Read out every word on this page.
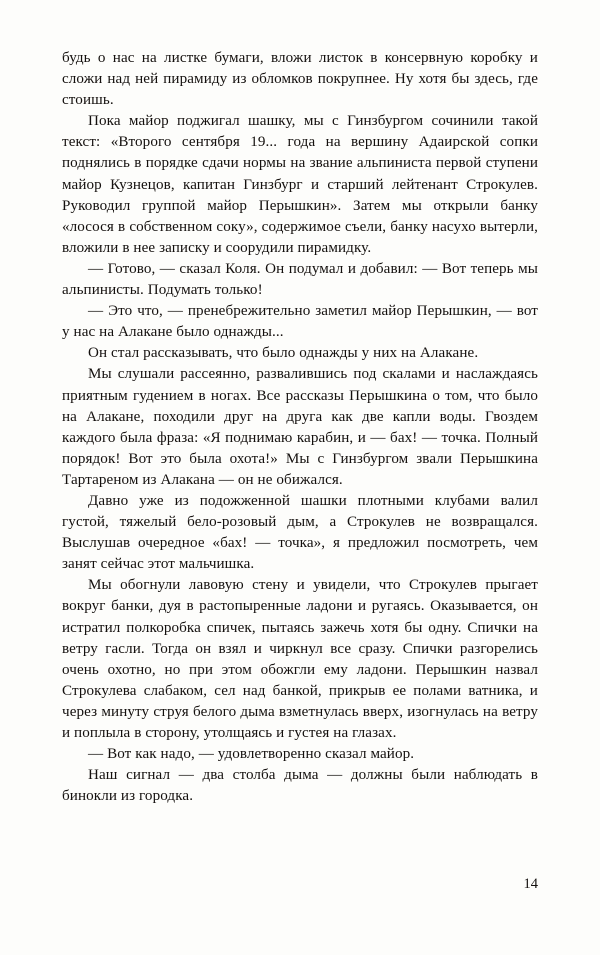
будь о нас на листке бумаги, вложи листок в консервную коробку и сложи над ней пирамиду из обломков покрупнее. Ну хотя бы здесь, где стоишь.

Пока майор поджигал шашку, мы с Гинзбургом сочинили такой текст: «Второго сентября 19... года на вершину Адаирской сопки поднялись в порядке сдачи нормы на звание альпиниста первой ступени майор Кузнецов, капитан Гинзбург и старший лейтенант Строкулев. Руководил группой майор Перышкин». Затем мы открыли банку «лосося в собственном соку», содержимое съели, банку насухо вытерли, вложили в нее записку и соорудили пирамидку.

— Готово, — сказал Коля. Он подумал и добавил: — Вот теперь мы альпинисты. Подумать только!

— Это что, — пренебрежительно заметил майор Перышкин, — вот у нас на Алакане было однажды...

Он стал рассказывать, что было однажды у них на Алакане.

Мы слушали рассеянно, развалившись под скалами и наслаждаясь приятным гудением в ногах. Все рассказы Перышкина о том, что было на Алакане, походили друг на друга как две капли воды. Гвоздем каждого была фраза: «Я поднимаю карабин, и — бах! — точка. Полный порядок! Вот это была охота!» Мы с Гинзбургом звали Перышкина Тартареном из Алакана — он не обижался.

Давно уже из подожженной шашки плотными клубами валил густой, тяжелый бело-розовый дым, а Строкулев не возвращался. Выслушав очередное «бах! — точка», я предложил посмотреть, чем занят сейчас этот мальчишка.

Мы обогнули лавовую стену и увидели, что Строкулев прыгает вокруг банки, дуя в растопыренные ладони и ругаясь. Оказывается, он истратил полкоробка спичек, пытаясь зажечь хотя бы одну. Спички на ветру гасли. Тогда он взял и чиркнул все сразу. Спички разгорелись очень охотно, но при этом обожгли ему ладони. Перышкин назвал Строкулева слабаком, сел над банкой, прикрыв ее полами ватника, и через минуту струя белого дыма взметнулась вверх, изогнулась на ветру и поплыла в сторону, утолщаясь и густея на глазах.

— Вот как надо, — удовлетворенно сказал майор.

Наш сигнал — два столба дыма — должны были наблюдать в бинокли из городка.

14
